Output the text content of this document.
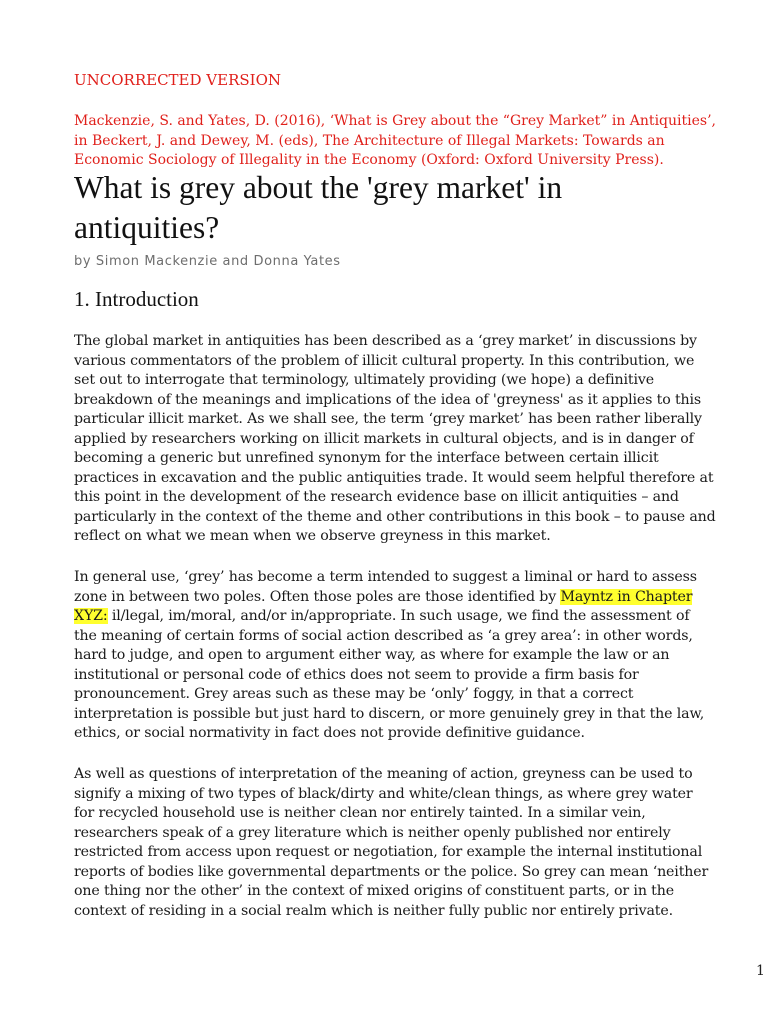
UNCORRECTED VERSION

Mackenzie, S. and Yates, D. (2016), ‘What is Grey about the “Grey Market” in Antiquities’,
in Beckert, J. and Dewey, M. (eds), The Architecture of Illegal Markets: Towards an
Economic Sociology of Illegality in the Economy (Oxford: Oxford University Press).

What is grey about the 'grey market' in
antiquities?

by Simon Mackenzie and Donna Yates

1. Introduction

The global market in antiquities has been described as a ‘grey market’ in discussions by
various commentators of the problem of illicit cultural property. In this contribution, we
set out to interrogate that terminology, ultimately providing (we hope) a definitive
breakdown of the meanings and implications of the idea of 'greyness' as it applies to this
particular illicit market. As we shall see, the term ‘grey market’ has been rather liberally
applied by researchers working on illicit markets in cultural objects, and is in danger of
becoming a generic but unrefined synonym for the interface between certain illicit
practices in excavation and the public antiquities trade. It would seem helpful therefore at
this point in the development of the research evidence base on illicit antiquities – and
particularly in the context of the theme and other contributions in this book – to pause and
reflect on what we mean when we observe greyness in this market.

In general use, ‘grey’ has become a term intended to suggest a liminal or hard to assess
zone in between two poles. Often those poles are those identified by Mayntz in Chapter
XYZ: il/legal, im/moral, and/or in/appropriate. In such usage, we find the assessment of
the meaning of certain forms of social action described as ‘a grey area’: in other words,
hard to judge, and open to argument either way, as where for example the law or an
institutional or personal code of ethics does not seem to provide a firm basis for
pronouncement. Grey areas such as these may be ‘only’ foggy, in that a correct
interpretation is possible but just hard to discern, or more genuinely grey in that the law,
ethics, or social normativity in fact does not provide definitive guidance.

As well as questions of interpretation of the meaning of action, greyness can be used to
signify a mixing of two types of black/dirty and white/clean things, as where grey water
for recycled household use is neither clean nor entirely tainted. In a similar vein,
researchers speak of a grey literature which is neither openly published nor entirely
restricted from access upon request or negotiation, for example the internal institutional
reports of bodies like governmental departments or the police. So grey can mean ‘neither
one thing nor the other’ in the context of mixed origins of constituent parts, or in the
context of residing in a social realm which is neither fully public nor entirely private.

1
